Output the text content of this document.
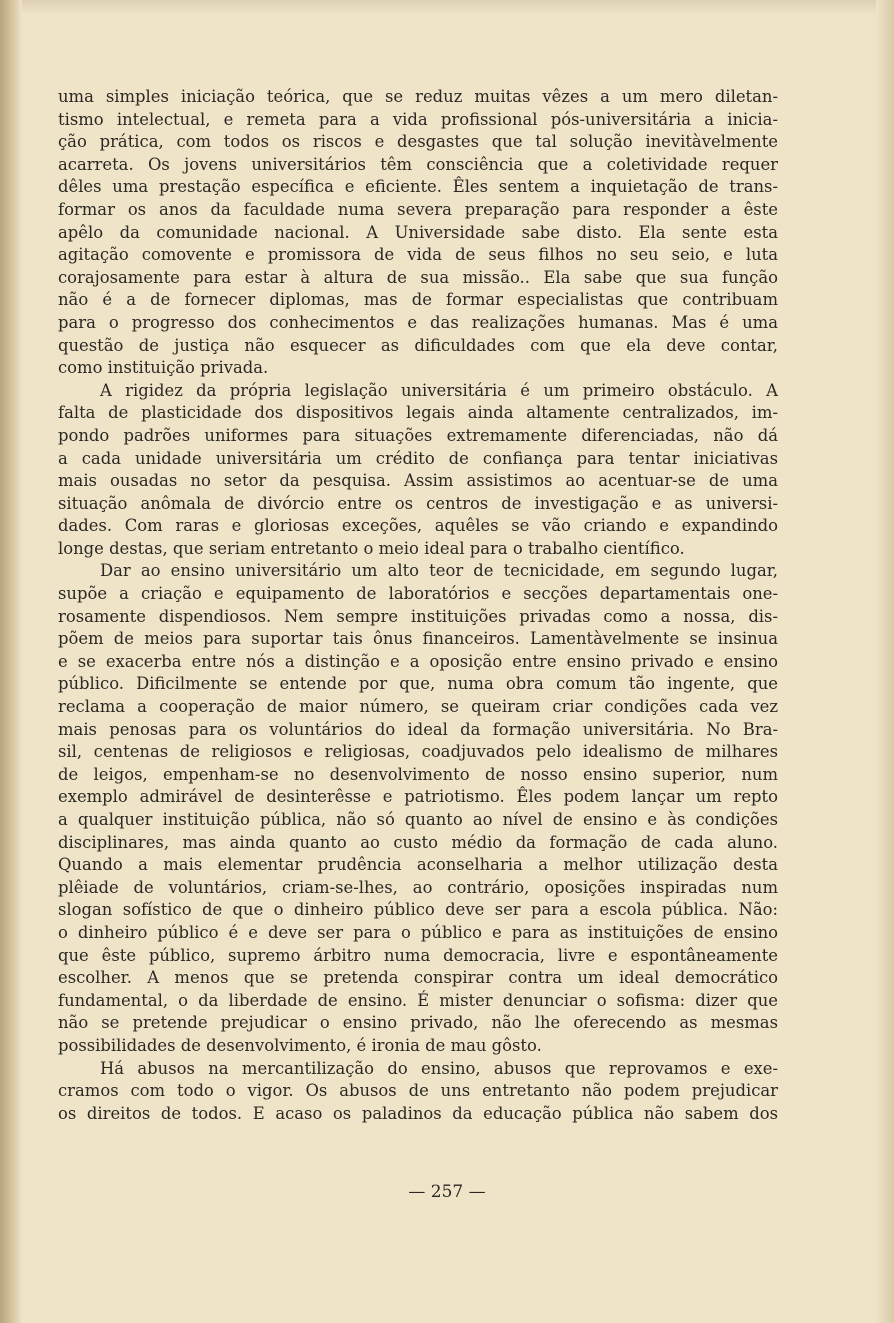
uma simples iniciação teórica, que se reduz muitas vêzes a um mero diletan-
tismo intelectual, e remeta para a vida profissional pós-universitária a inicia-
ção prática, com todos os riscos e desgastes que tal solução inevitàvelmente
acarreta. Os jovens universitários têm consciência que a coletividade requer
dêles uma prestação específica e eficiente. Êles sentem a inquietação de trans-
formar os anos da faculdade numa severa preparação para responder a êste
apêlo da comunidade nacional. A Universidade sabe disto. Ela sente esta
agitação comovente e promissora de vida de seus filhos no seu seio, e luta
corajosamente para estar à altura de sua missão.. Ela sabe que sua função
não é a de fornecer diplomas, mas de formar especialistas que contribuam
para o progresso dos conhecimentos e das realizações humanas. Mas é uma
questão de justiça não esquecer as dificuldades com que ela deve contar,
como instituição privada.
A rigidez da própria legislação universitária é um primeiro obstáculo. A
falta de plasticidade dos dispositivos legais ainda altamente centralizados, im-
pondo padrões uniformes para situações extremamente diferenciadas, não dá
a cada unidade universitária um crédito de confiança para tentar iniciativas
mais ousadas no setor da pesquisa. Assim assistimos ao acentuar-se de uma
situação anômala de divórcio entre os centros de investigação e as universi-
dades. Com raras e gloriosas exceções, aquêles se vão criando e expandindo
longe destas, que seriam entretanto o meio ideal para o trabalho científico.
Dar ao ensino universitário um alto teor de tecnicidade, em segundo lugar,
supõe a criação e equipamento de laboratórios e secções departamentais one-
rosamente dispendiosos. Nem sempre instituições privadas como a nossa, dis-
põem de meios para suportar tais ônus financeiros. Lamentàvelmente se insinua
e se exacerba entre nós a distinção e a oposição entre ensino privado e ensino
público. Dificilmente se entende por que, numa obra comum tão ingente, que
reclama a cooperação de maior número, se queiram criar condições cada vez
mais penosas para os voluntários do ideal da formação universitária. No Bra-
sil, centenas de religiosos e religiosas, coadjuvados pelo idealismo de milhares
de leigos, empenham-se no desenvolvimento de nosso ensino superior, num
exemplo admirável de desinterêsse e patriotismo. Êles podem lançar um repto
a qualquer instituição pública, não só quanto ao nível de ensino e às condições
disciplinares, mas ainda quanto ao custo médio da formação de cada aluno.
Quando a mais elementar prudência aconselharia a melhor utilização desta
plêiade de voluntários, criam-se-lhes, ao contrário, oposições inspiradas num
slogan sofístico de que o dinheiro público deve ser para a escola pública. Não:
o dinheiro público é e deve ser para o público e para as instituições de ensino
que êste público, supremo árbitro numa democracia, livre e espontâneamente
escolher. A menos que se pretenda conspirar contra um ideal democrático
fundamental, o da liberdade de ensino. É mister denunciar o sofisma: dizer que
não se pretende prejudicar o ensino privado, não lhe oferecendo as mesmas
possibilidades de desenvolvimento, é ironia de mau gôsto.
Há abusos na mercantilização do ensino, abusos que reprovamos e exe-
cramos com todo o vigor. Os abusos de uns entretanto não podem prejudicar
os direitos de todos. E acaso os paladinos da educação pública não sabem dos
— 257 —
